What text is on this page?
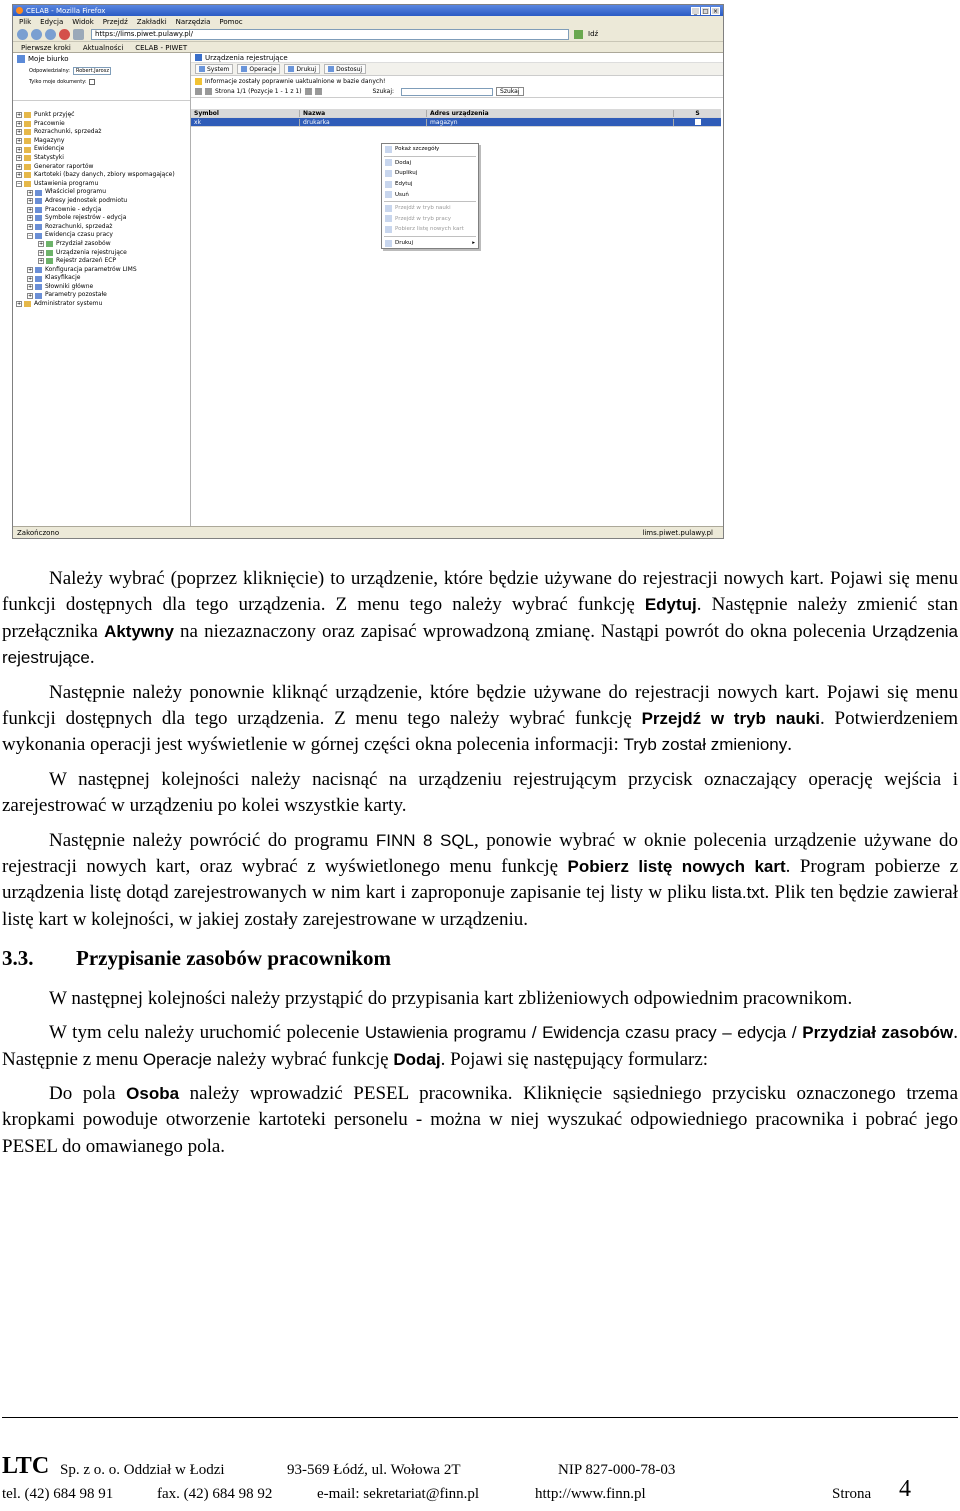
CELAB - Mozilla Firefox	_ □ ×
Plik Edycja Widok Przejdź Zakładki Narzędzia Pomoc
https://lims.piwet.pulawy.pl/	Idź
Pierwsze kroki Aktualności CELAB - PIWET
Moje biurko
Odpowiedzialny:	Robert.Jarosz
Tylko moje dokumenty:
+ Punkt przyjęć
+ Pracownie
+ Rozrachunki, sprzedaż
+ Magazyny
+ Ewidencje
+ Statystyki
+ Generator raportów
+ Kartoteki (bazy danych, zbiory wspomagające)
− Ustawienia programu
+ Właściciel programu
+ Adresy jednostek podmiotu
+ Pracownie - edycja
+ Symbole rejestrów - edycja
+ Rozrachunki, sprzedaż
− Ewidencja czasu pracy
+ Przydział zasobów
+ Urządzenia rejestrujące
+ Rejestr zdarzeń ECP
+ Konfiguracja parametrów LIMS
+ Klasyfikacje
+ Słowniki główne
+ Parametry pozostałe
+ Administrator systemu
Urządzenia rejestrujące
System	Operacje	Drukuj	Dostosuj
Informacje zostały poprawnie uaktualnione w bazie danych!
Strona 1/1 (Pozycje 1 - 1 z 1)	Szukaj:	Szukaj
Symbol	Nazwa	Adres urządzenia	S
xk	drukarka	magazyn
Pokaż szczegóły
Dodaj
Duplikuj
Edytuj
Usuń
Przejdź w tryb nauki
Przejdź w tryb pracy
Pobierz listę nowych kart
Drukuj	▸
Zakończono	lims.piwet.pulawy.pl

Należy wybrać (poprzez kliknięcie) to urządzenie, które będzie używane do rejestracji nowych kart. Pojawi się menu funkcji dostępnych dla tego urządzenia. Z menu tego należy wybrać funkcję Edytuj. Następnie należy zmienić stan przełącznika Aktywny na niezaznaczony oraz zapisać wprowadzoną zmianę. Nastąpi powrót do okna polecenia Urządzenia rejestrujące.

Następnie należy ponownie kliknąć urządzenie, które będzie używane do rejestracji nowych kart. Pojawi się menu funkcji dostępnych dla tego urządzenia. Z menu tego należy wybrać funkcję Przejdź w tryb nauki. Potwierdzeniem wykonania operacji jest wyświetlenie w górnej części okna polecenia informacji: Tryb został zmieniony.

W następnej kolejności należy nacisnąć na urządzeniu rejestrującym przycisk oznaczający operację wejścia i zarejestrować w urządzeniu po kolei wszystkie karty.

Następnie należy powrócić do programu FINN 8 SQL, ponowie wybrać w oknie polecenia urządzenie używane do rejestracji nowych kart, oraz wybrać z wyświetlonego menu funkcję Pobierz listę nowych kart. Program pobierze z urządzenia listę dotąd zarejestrowanych w nim kart i zaproponuje zapisanie tej listy w pliku lista.txt. Plik ten będzie zawierał listę kart w kolejności, w jakiej zostały zarejestrowane w urządzeniu.

3.3.	Przypisanie zasobów pracownikom

W następnej kolejności należy przystąpić do przypisania kart zbliżeniowych odpowiednim pracownikom.

W tym celu należy uruchomić polecenie Ustawienia programu / Ewidencja czasu pracy – edycja / Przydział zasobów. Następnie z menu Operacje należy wybrać funkcję Dodaj. Pojawi się następujący formularz:

Do pola Osoba należy wprowadzić PESEL pracownika. Kliknięcie sąsiedniego przycisku oznaczonego trzema kropkami powoduje otworzenie kartoteki personelu - można w niej wyszukać odpowiedniego pracownika i pobrać jego PESEL do omawianego pola.

LTC Sp. z o. o. Oddział w Łodzi	93-569 Łódź, ul. Wołowa 2T	NIP 827-000-78-03
tel. (42) 684 98 91	fax. (42) 684 98 92	e-mail: sekretariat@finn.pl	http://www.finn.pl	Strona 4
